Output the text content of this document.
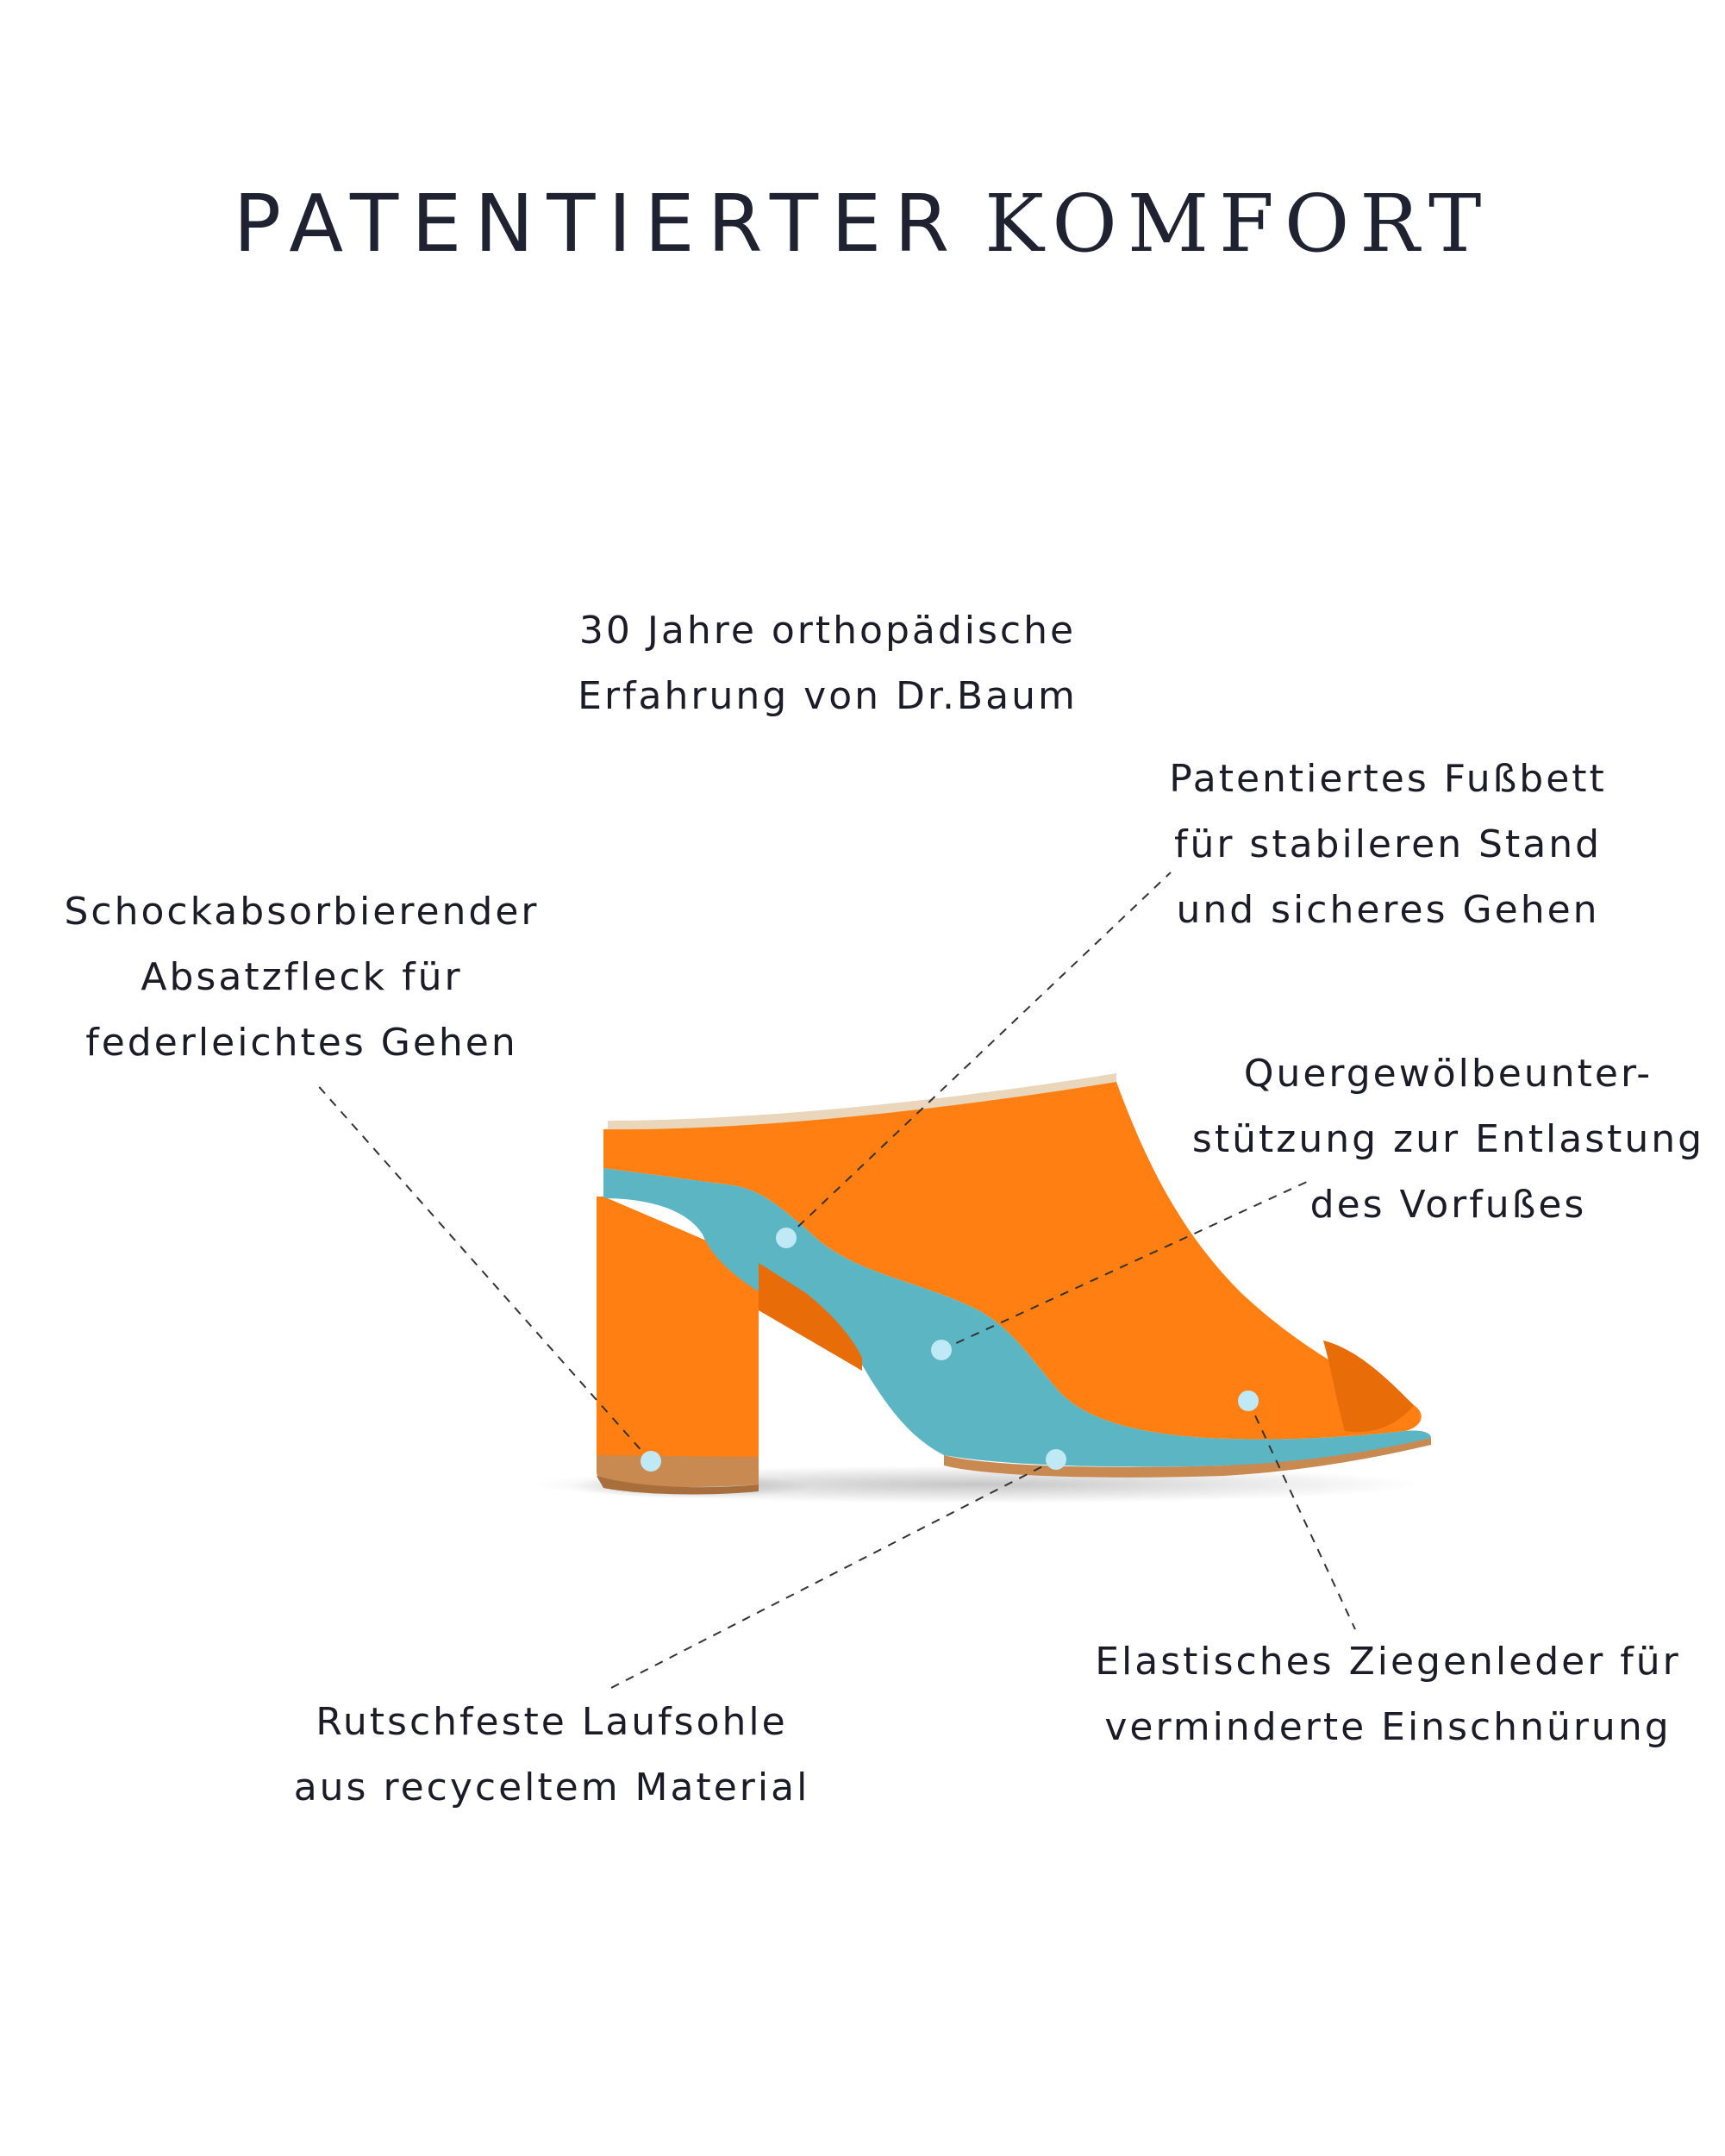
PATENTIERTER KOMFORT
30 Jahre orthopädische
Erfahrung von Dr.Baum
Patentiertes Fußbett
für stabileren Stand
und sicheres Gehen
Schockabsorbierender
Absatzfleck für
federleichtes Gehen
Quergewölbeunter-
stützung zur Entlastung
des Vorfußes
Rutschfeste Laufsohle
aus recyceltem Material
Elastisches Ziegenleder für
verminderte Einschnürung
